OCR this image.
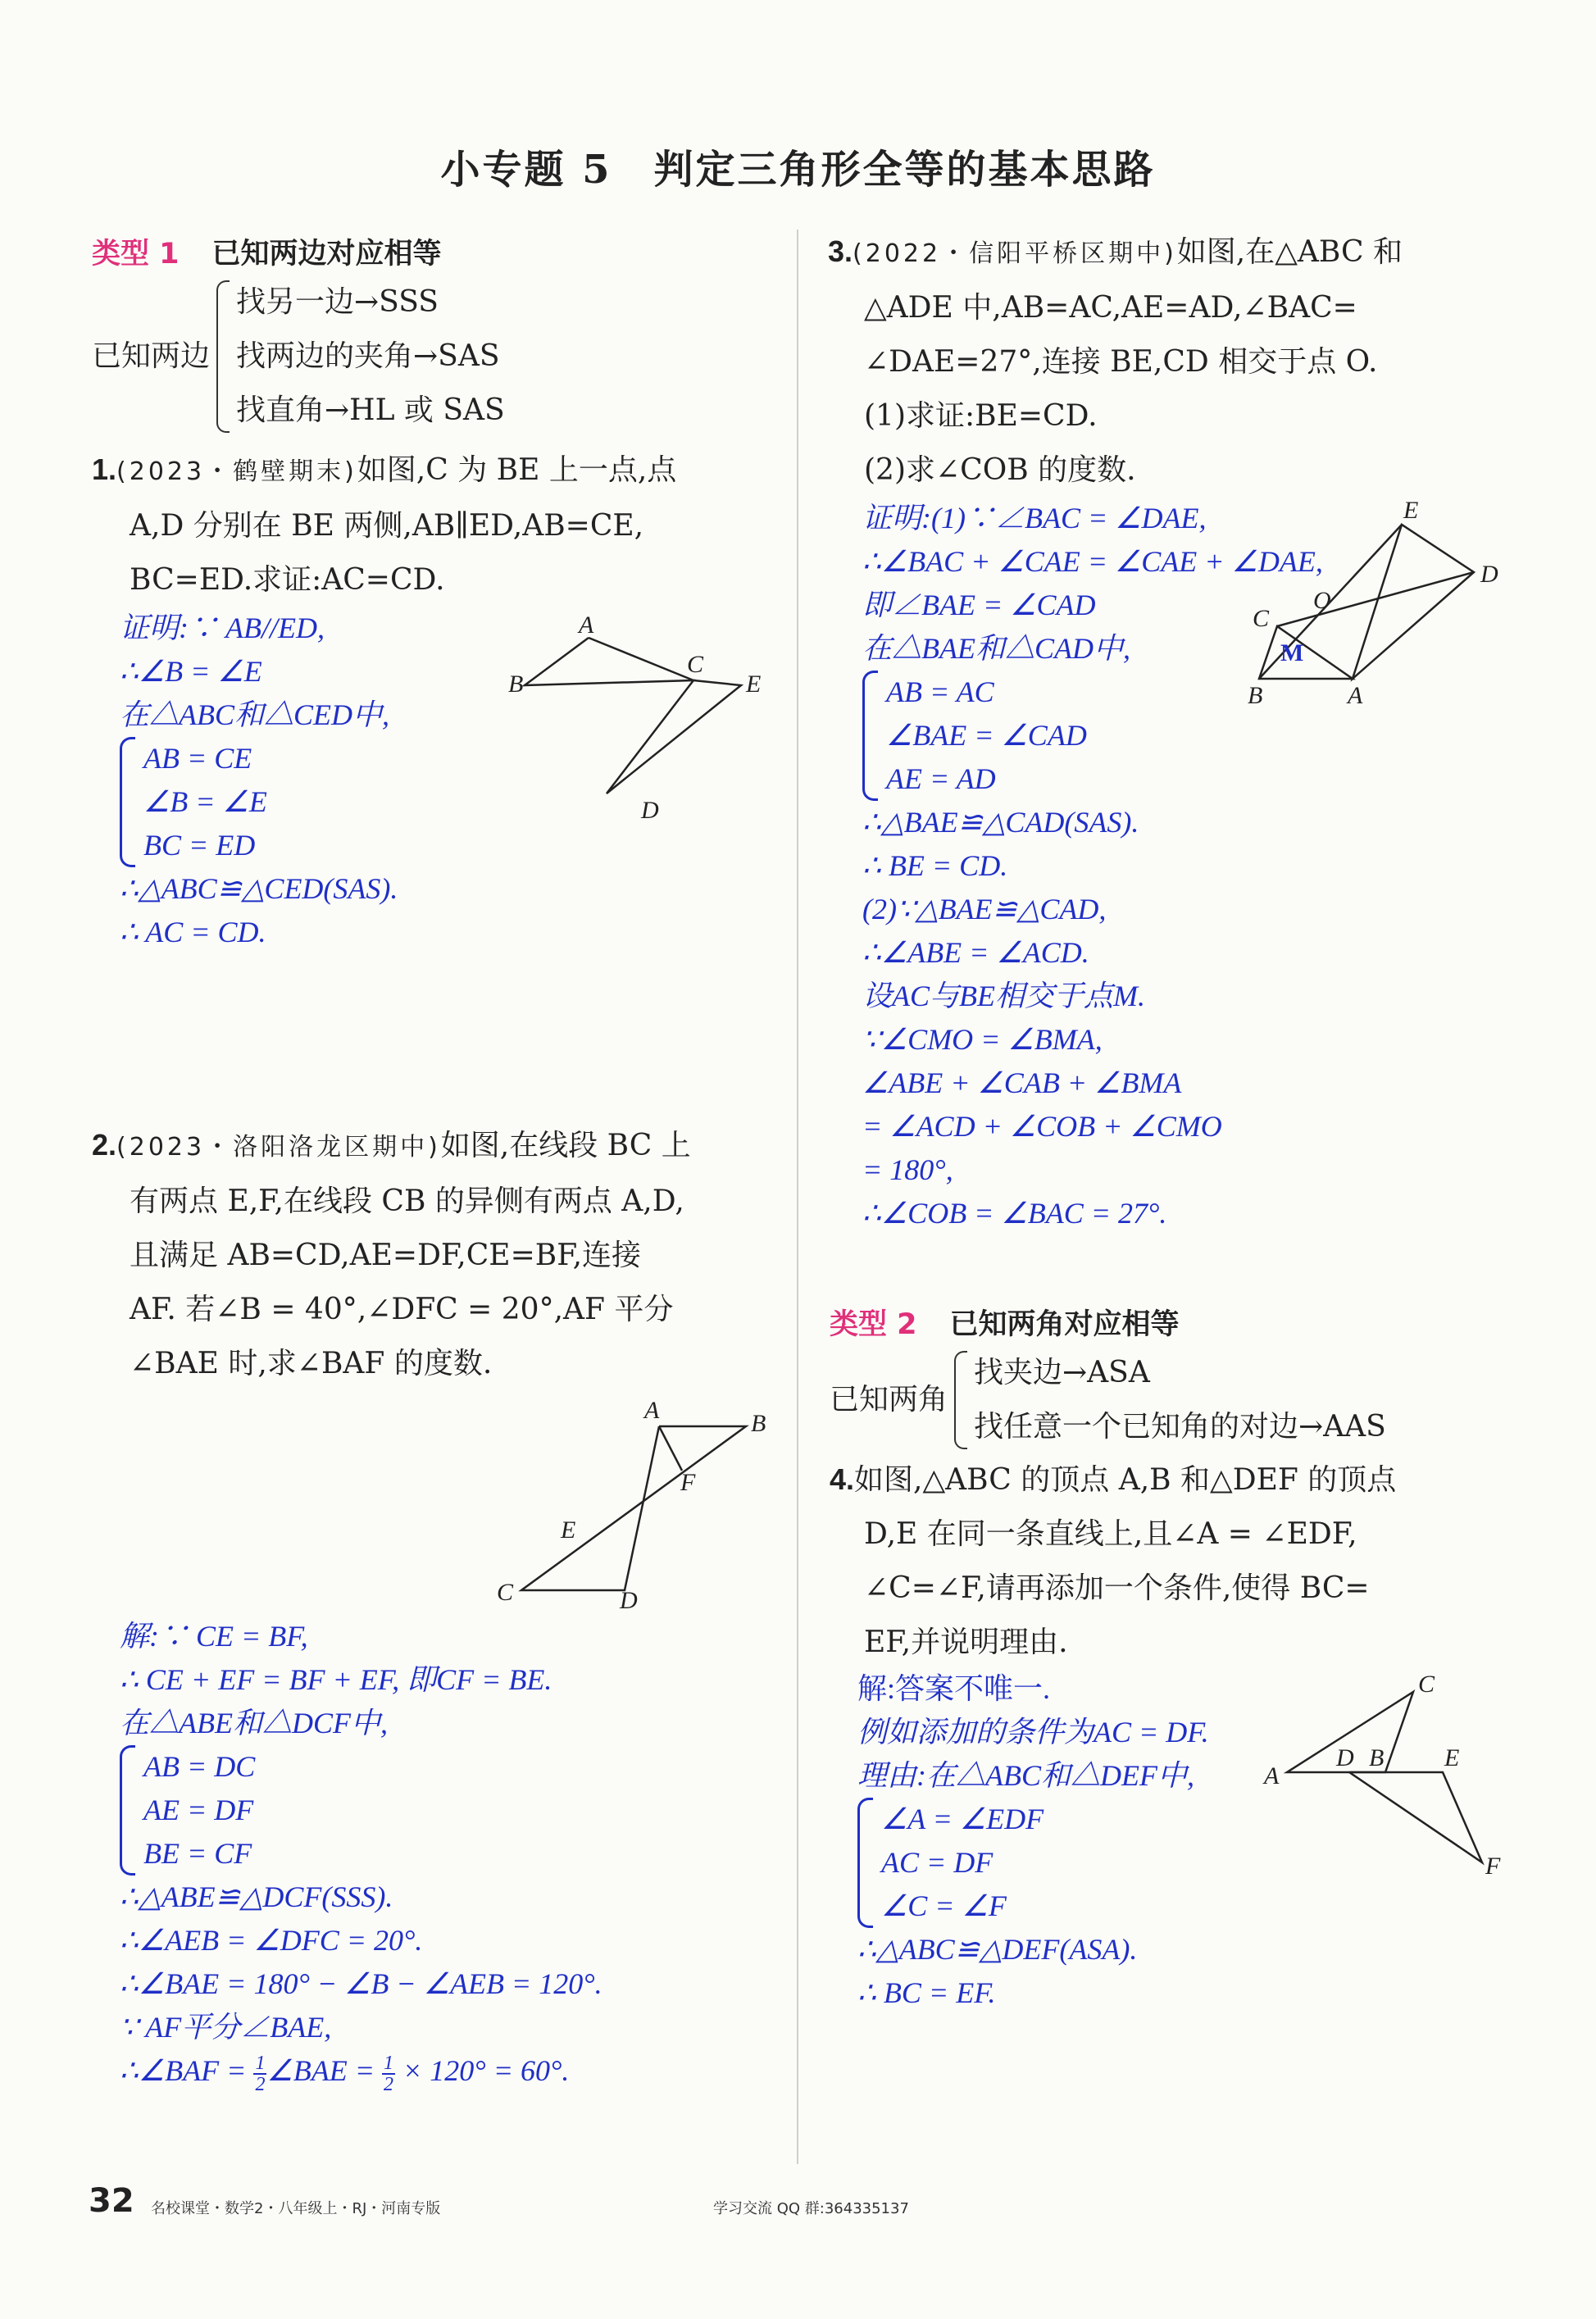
小专题 5　判定三角形全等的基本思路
类型 1 已知两边对应相等
已知两边
找另一边→SSS
找两边的夹角→SAS
找直角→HL 或 SAS
1.(2023・鹤壁期末)如图,C 为 BE 上一点,点
A,D 分别在 BE 两侧,AB∥ED,AB=CE,
BC=ED.求证:AC=CD.
证明:∵ AB//ED,
∴∠B = ∠E
在△ABC和△CED中,
AB = CE
∠B = ∠E
BC = ED
∴△ABC≌△CED(SAS).
∴ AC = CD.
A
B
C
E
D
2.(2023・洛阳洛龙区期中)如图,在线段 BC 上
有两点 E,F,在线段 CB 的异侧有两点 A,D,
且满足 AB=CD,AE=DF,CE=BF,连接
AF. 若∠B = 40°,∠DFC = 20°,AF 平分
∠BAE 时,求∠BAF 的度数.
A	B
F
E
C	D
解:∵ CE = BF,
∴ CE + EF = BF + EF, 即CF = BE.
在△ABE和△DCF中,
AB = DC
AE = DF
BE = CF
∴△ABE≌△DCF(SSS).
∴∠AEB = ∠DFC = 20°.
∴∠BAE = 180° − ∠B − ∠AEB = 120°.
∵ AF平分∠BAE,
∴∠BAF = $\frac{1}{2}$ ∠BAE = $\frac{1}{2} \times 120^\circ = 60^\circ$.
3.(2022・信阳平桥区期中)如图,在△ABC 和
△ADE 中,AB=AC,AE=AD,∠BAC=
∠DAE=27°,连接 BE,CD 相交于点 O.
(1)求证:BE=CD.
(2)求∠COB 的度数.
证明:(1)∵∠BAC = ∠DAE,
∴∠BAC + ∠CAE = ∠CAE + ∠DAE,
即∠BAE = ∠CAD
在△BAE和△CAD中,
AB = AC
∠BAE = ∠CAD
AE = AD
∴△BAE≌△CAD(SAS).
∴ BE = CD.
(2)∵△BAE≌△CAD,
∴∠ABE = ∠ACD.
设AC与BE相交于点M.
∵∠CMO = ∠BMA,
∠ABE + ∠CAB + ∠BMA
= ∠ACD + ∠COB + ∠CMO
= 180°,
∴∠COB = ∠BAC = 27°.
E
D
O
C
M
B	A
类型 2 已知两角对应相等
已知两角
找夹边→ASA
找任意一个已知角的对边→AAS
4.如图,△ABC 的顶点 A,B 和△DEF 的顶点
D,E 在同一条直线上,且∠A = ∠EDF,
∠C=∠F,请再添加一个条件,使得 BC=
EF,并说明理由.
解:答案不唯一.
例如添加的条件为AC = DF.
理由:在△ABC和△DEF中,
∠A = ∠EDF
AC = DF
∠C = ∠F
∴△ABC≌△DEF(ASA).
∴ BC = EF.
C
A
D B E
F
32 名校课堂・数学2・八年级上・RJ・河南专版	学习交流 QQ 群:364335137
